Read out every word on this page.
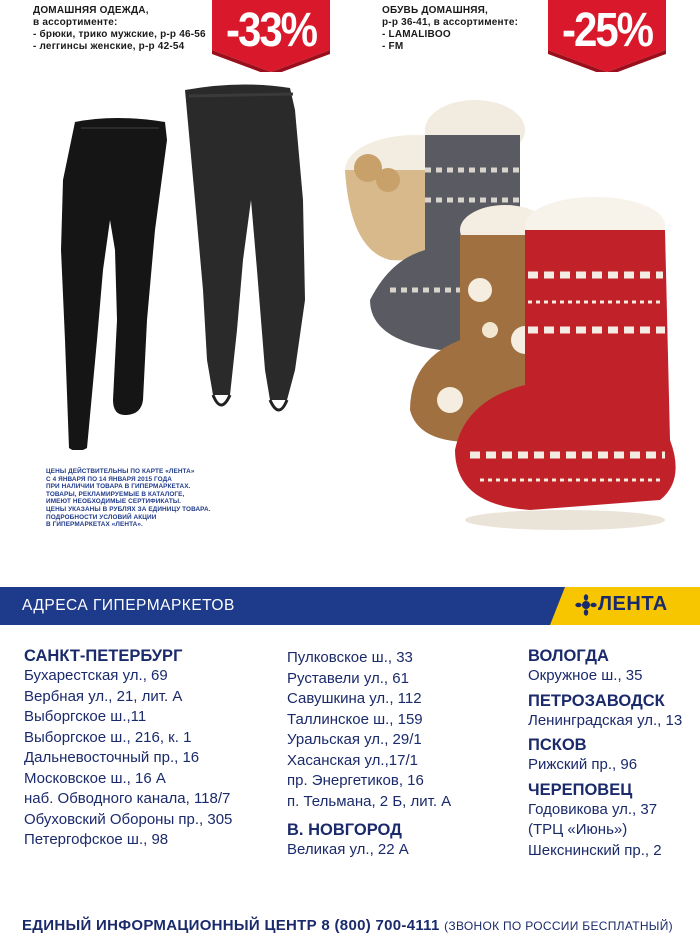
ДОМАШНЯЯ ОДЕЖДА,
в ассортименте:
- брюки, трико мужские, р-р 46-56
- леггинсы женские, р-р 42-54 -33%	ОБУВЬ ДОМАШНЯЯ,
р-р 36-41, в ассортименте:
- LAMALIBOO
- FM	-25%
ЦЕНЫ ДЕЙСТВИТЕЛЬНЫ ПО КАРТЕ «ЛЕНТА»
С 4 ЯНВАРЯ ПО 14 ЯНВАРЯ 2015 ГОДА
ПРИ НАЛИЧИИ ТОВАРА В ГИПЕРМАРКЕТАХ.
ТОВАРЫ, РЕКЛАМИРУЕМЫЕ В КАТАЛОГЕ,
ИМЕЮТ НЕОБХОДИМЫЕ СЕРТИФИКАТЫ.
ЦЕНЫ УКАЗАНЫ В РУБЛЯХ ЗА ЕДИНИЦУ ТОВАРА.
ПОДРОБНОСТИ УСЛОВИЙ АКЦИИ
В ГИПЕРМАРКЕТАХ «ЛЕНТА».
АДРЕСА ГИПЕРМАРКЕТОВ	ЛЕНТА
САНКТ-ПЕТЕРБУРГ
Бухарестская ул., 69
Вербная ул., 21, лит. А
Выборгское ш.,11
Выборгское ш., 216, к. 1
Дальневосточный пр., 16
Московское ш., 16 А
наб. Обводного канала, 118/7
Обуховский Обороны пр., 305
Петергофское ш., 98
Пулковское ш., 33
Руставели ул., 61
Савушкина ул., 112
Таллинское ш., 159
Уральская ул., 29/1
Хасанская ул.,17/1
пр. Энергетиков, 16
п. Тельмана, 2 Б, лит. А
В. НОВГОРОД
Великая ул., 22 А
ВОЛОГДА
Окружное ш., 35
ПЕТРОЗАВОДСК
Ленинградская ул., 13
ПСКОВ
Рижский пр., 96
ЧЕРЕПОВЕЦ
Годовикова ул., 37
(ТРЦ «Июнь»)
Шекснинский пр., 2
ЕДИНЫЙ ИНФОРМАЦИОННЫЙ ЦЕНТР 8 (800) 700-4111 (ЗВОНОК ПО РОССИИ БЕСПЛАТНЫЙ)
